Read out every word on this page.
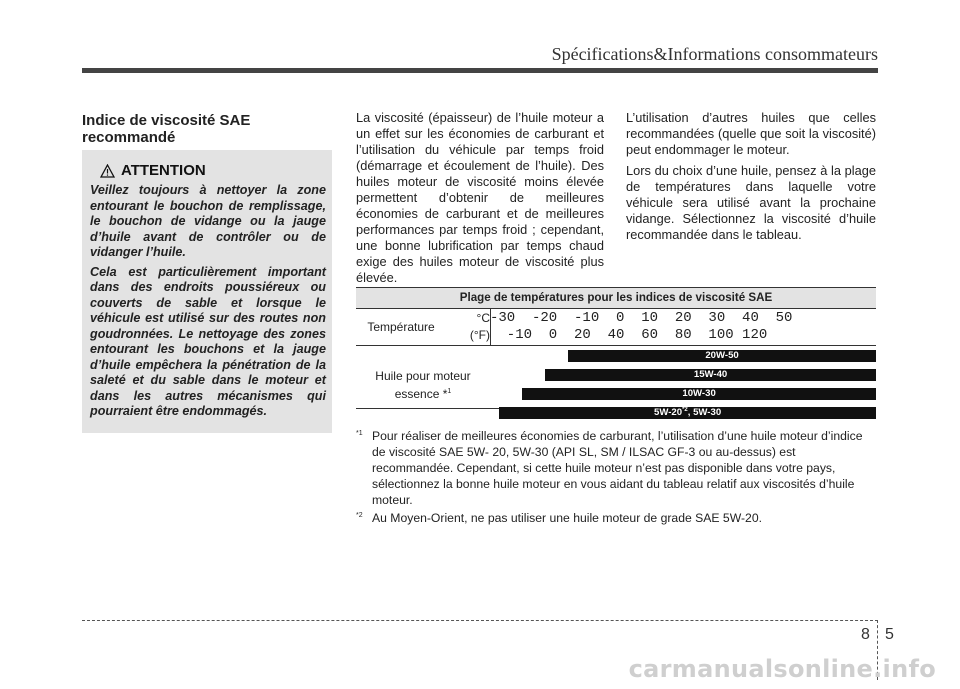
Spécifications&Informations consommateurs
Indice de viscosité SAE recommandé
ATTENTION

Veillez toujours à nettoyer la zone entourant le bouchon de remplissage, le bouchon de vidange ou la jauge d’huile avant de contrôler ou de vidanger l’huile.

Cela est particulièrement important dans des endroits poussiéreux ou couverts de sable et lorsque le véhicule est utilisé sur des routes non goudronnées. Le nettoyage des zones entourant les bouchons et la jauge d’huile empêchera la pénétration de la saleté et du sable dans le moteur et dans les autres mécanismes qui pourraient être endommagés.

La viscosité (épaisseur) de l’huile moteur a un effet sur les économies de carburant et l’utilisation du véhicule par temps froid (démarrage et écoulement de l’huile). Des huiles moteur de viscosité moins élevée permettent d’obtenir de meilleures économies de carburant et de meilleures performances par temps froid ; cependant, une bonne lubrification par temps chaud exige des huiles moteur de viscosité plus élevée.

L’utilisation d’autres huiles que celles recommandées (quelle que soit la viscosité) peut endommager le moteur.

Lors du choix d’une huile, pensez à la plage de températures dans laquelle votre véhicule sera utilisé avant la prochaine vidange. Sélectionnez la viscosité d’huile recommandée dans le tableau.

Plage de températures pour les indices de viscosité SAE
Température
°C
(°F)
-30  -20  -10  0  10  20  30  40  50
-10  0  20  40  60  80  100 120
Huile pour moteur essence *$^1$
20W-50
15W-40
10W-30
5W-20$^{*2}$, 5W-30
*1 Pour réaliser de meilleures économies de carburant, l’utilisation d’une huile moteur d’indice de viscosité SAE 5W- 20, 5W-30 (API SL, SM / ILSAC GF-3 ou au-dessus) est recommandée. Cependant, si cette huile moteur n’est pas disponible dans votre pays, sélectionnez la bonne huile moteur en vous aidant du tableau relatif aux viscosités d’huile moteur.
*2 Au Moyen-Orient, ne pas utiliser une huile moteur de grade SAE 5W-20.
8 5
carmanualsonline.info
